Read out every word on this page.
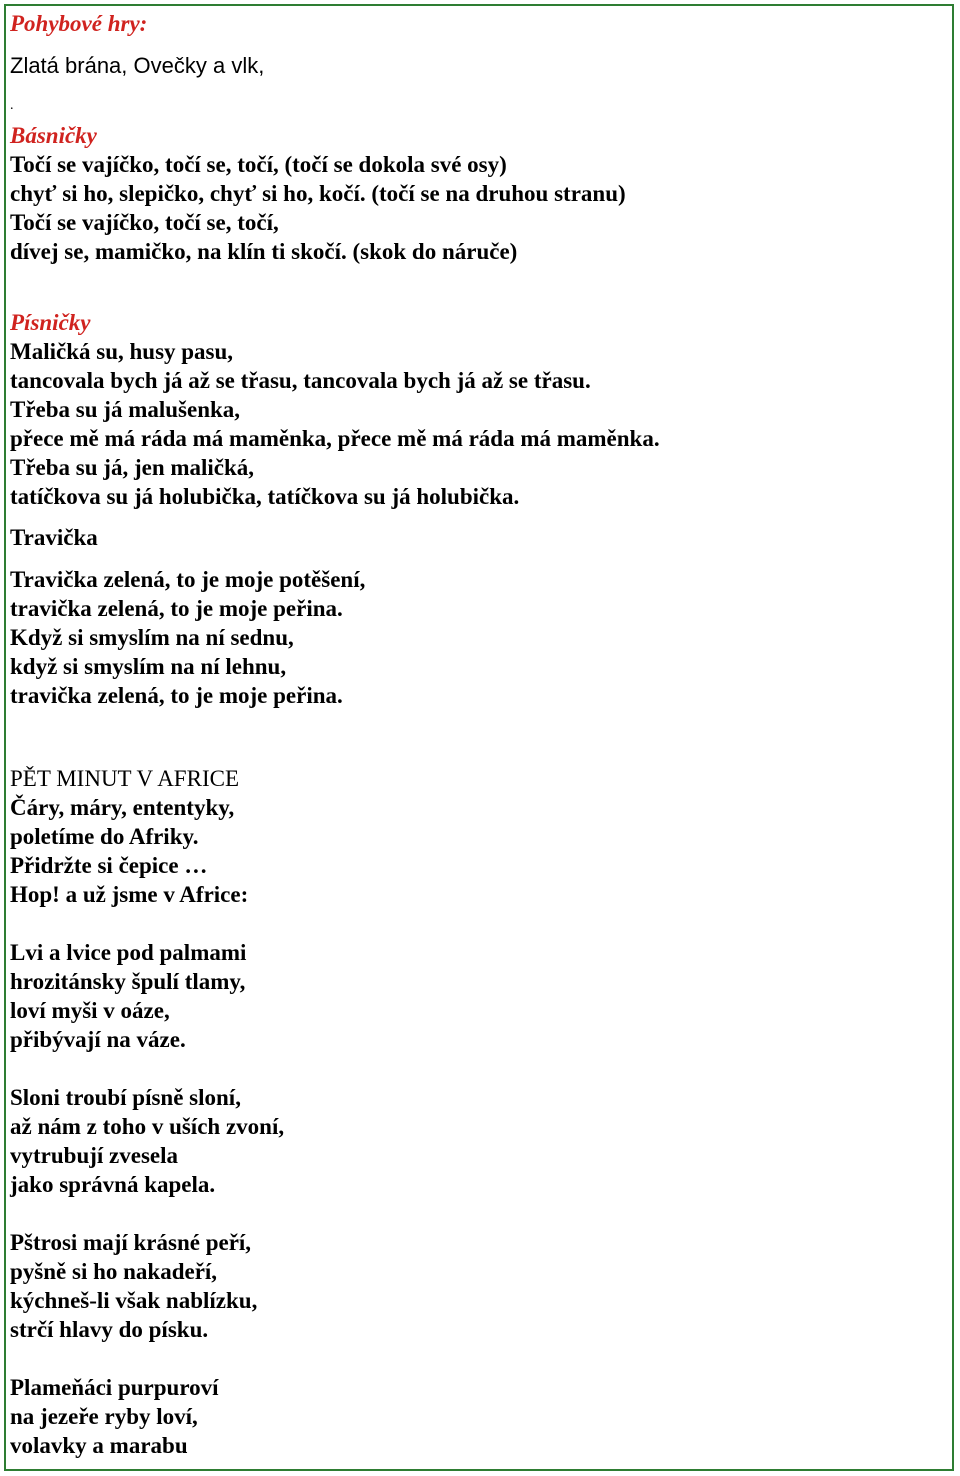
Pohybové hry:
Zlatá brána, Ovečky a vlk,
.
Básničky
Točí se vajíčko, točí se, točí, (točí se dokola své osy)
chyť si ho, slepičko, chyť si ho, kočí. (točí se na druhou stranu)
Točí se vajíčko, točí se, točí,
dívej se, mamičko, na klín ti skočí. (skok do náruče)
Písničky
Maličká su, husy pasu,
tancovala bych já až se třasu, tancovala bych já až se třasu.
Třeba su já malušenka,
přece mě má ráda má maměnka, přece mě má ráda má maměnka.
Třeba su já, jen maličká,
tatíčkova su já holubička, tatíčkova su já holubička.
Travička
Travička zelená, to je moje potěšení,
travička zelená, to je moje peřina.
Když si smyslím na ní sednu,
když si smyslím na ní lehnu,
travička zelená, to je moje peřina.
PĚT MINUT V AFRICE
Čáry, máry, ententyky,
poletíme do Afriky.
Přidržte si čepice …
Hop! a už jsme v Africe:
Lvi a lvice pod palmami
hrozitánsky špulí tlamy,
loví myši v oáze,
přibývají na váze.
Sloni troubí písně sloní,
až nám z toho v uších zvoní,
vytrubují zvesela
jako správná kapela.
Pštrosi mají krásné peří,
pyšně si ho nakadeří,
kýchneš-li však nablízku,
strčí hlavy do písku.
Plameňáci purpuroví
na jezeře ryby loví,
volavky a marabu
